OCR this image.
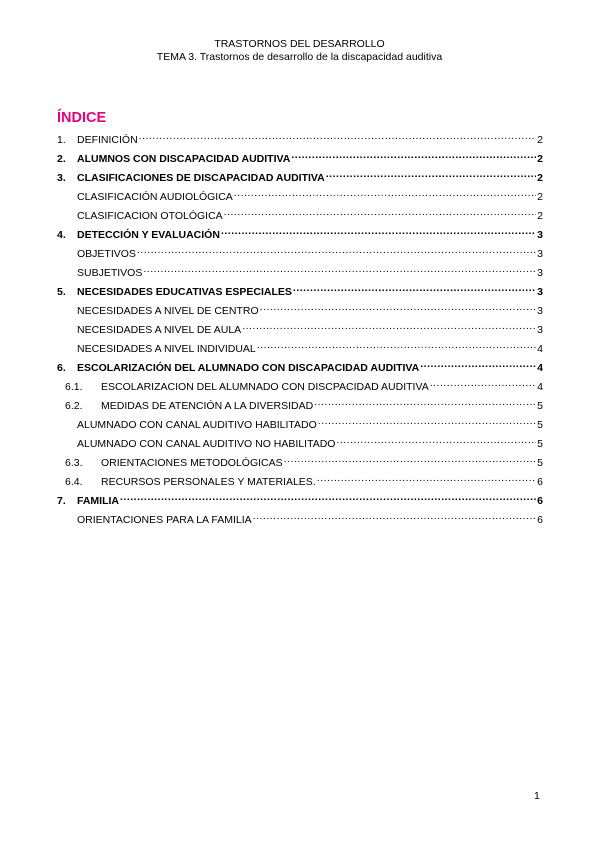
TRASTORNOS DEL DESARROLLO
TEMA 3. Trastornos de desarrollo de la discapacidad auditiva
ÍNDICE
1.	DEFINICIÓN .....	2
2.	ALUMNOS CON DISCAPACIDAD AUDITIVA .....	2
3.	CLASIFICACIONES DE DISCAPACIDAD AUDITIVA .....	2
CLASIFICACIÓN AUDIOLÓGICA .....	2
CLASIFICACION OTOLÓGICA .....	2
4.	DETECCIÓN Y EVALUACIÓN .....	3
OBJETIVOS .....	3
SUBJETIVOS .....	3
5.	NECESIDADES EDUCATIVAS ESPECIALES .....	3
NECESIDADES A NIVEL DE CENTRO .....	3
NECESIDADES A NIVEL DE AULA .....	3
NECESIDADES A NIVEL INDIVIDUAL .....	4
6.	ESCOLARIZACIÓN DEL ALUMNADO CON DISCAPACIDAD AUDITIVA .....	4
6.1.	ESCOLARIZACION DEL ALUMNADO CON DISCPACIDAD AUDITIVA .....	4
6.2.	MEDIDAS DE ATENCIÓN A LA DIVERSIDAD .....	5
ALUMNADO CON CANAL AUDITIVO HABILITADO .....	5
ALUMNADO CON CANAL AUDITIVO NO HABILITADO .....	5
6.3.	ORIENTACIONES METODOLÓGICAS .....	5
6.4.	RECURSOS PERSONALES Y MATERIALES. .....	6
7.	FAMILIA .....	6
ORIENTACIONES PARA LA FAMILIA .....	6
1
